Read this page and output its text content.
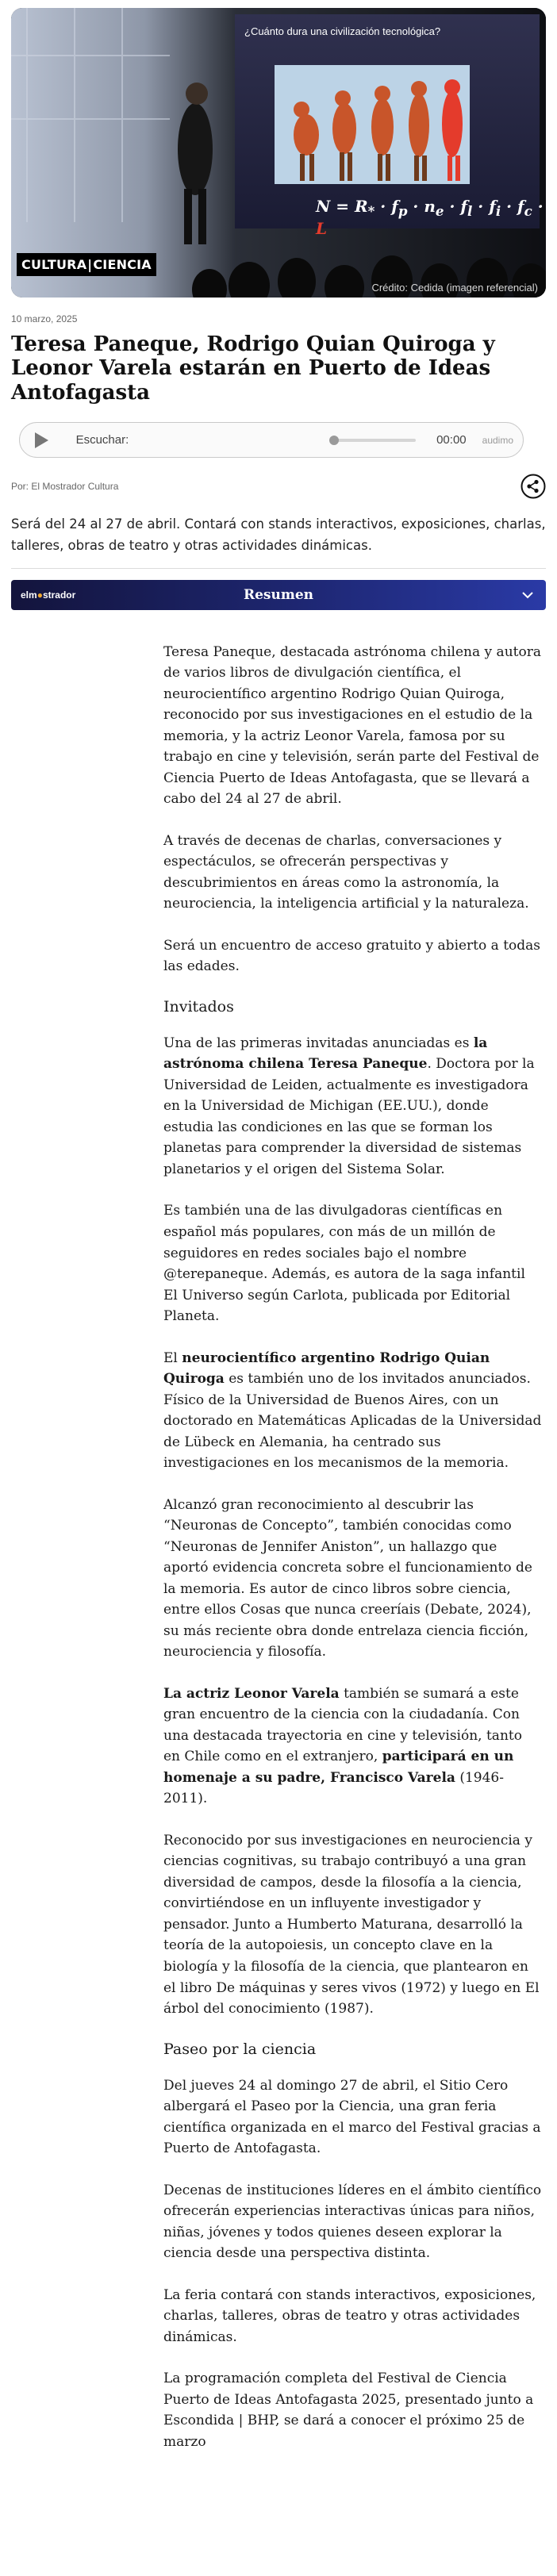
¿Cuánto dura una civilización tecnológica?
$N = R_* \cdot f_p \cdot n_e \cdot f_l \cdot f_i \cdot f_c \cdot L$
CULTURA|CIENCIA
Crédito: Cedida (imagen referencial)
10 marzo, 2025
Teresa Paneque, Rodrigo Quian Quiroga y Leonor Varela estarán en Puerto de Ideas Antofagasta
Escuchar:	00:00 audimo
Por: El Mostrador Cultura

Será del 24 al 27 de abril. Contará con stands interactivos, exposiciones, charlas, talleres, obras de teatro y otras actividades dinámicas.

elm●strador	Resumen

Teresa Paneque, destacada astrónoma chilena y autora de varios libros de divulgación científica, el neurocientífico argentino Rodrigo Quian Quiroga, reconocido por sus investigaciones en el estudio de la memoria, y la actriz Leonor Varela, famosa por su trabajo en cine y televisión, serán parte del Festival de Ciencia Puerto de Ideas Antofagasta, que se llevará a cabo del 24 al 27 de abril.

A través de decenas de charlas, conversaciones y espectáculos, se ofrecerán perspectivas y descubrimientos en áreas como la astronomía, la neurociencia, la inteligencia artificial y la naturaleza.

Será un encuentro de acceso gratuito y abierto a todas las edades.

Invitados

Una de las primeras invitadas anunciadas es la astrónoma chilena Teresa Paneque. Doctora por la Universidad de Leiden, actualmente es investigadora en la Universidad de Michigan (EE.UU.), donde estudia las condiciones en las que se forman los planetas para comprender la diversidad de sistemas planetarios y el origen del Sistema Solar.

Es también una de las divulgadoras científicas en español más populares, con más de un millón de seguidores en redes sociales bajo el nombre @terepaneque. Además, es autora de la saga infantil El Universo según Carlota, publicada por Editorial Planeta.

El neurocientífico argentino Rodrigo Quian Quiroga es también uno de los invitados anunciados. Físico de la Universidad de Buenos Aires, con un doctorado en Matemáticas Aplicadas de la Universidad de Lübeck en Alemania, ha centrado sus investigaciones en los mecanismos de la memoria.

Alcanzó gran reconocimiento al descubrir las “Neuronas de Concepto”, también conocidas como “Neuronas de Jennifer Aniston”, un hallazgo que aportó evidencia concreta sobre el funcionamiento de la memoria. Es autor de cinco libros sobre ciencia, entre ellos Cosas que nunca creeríais (Debate, 2024), su más reciente obra donde entrelaza ciencia ficción, neurociencia y filosofía.

La actriz Leonor Varela también se sumará a este gran encuentro de la ciencia con la ciudadanía. Con una destacada trayectoria en cine y televisión, tanto en Chile como en el extranjero, participará en un homenaje a su padre, Francisco Varela (1946-2011).

Reconocido por sus investigaciones en neurociencia y ciencias cognitivas, su trabajo contribuyó a una gran diversidad de campos, desde la filosofía a la ciencia, convirtiéndose en un influyente investigador y pensador. Junto a Humberto Maturana, desarrolló la teoría de la autopoiesis, un concepto clave en la biología y la filosofía de la ciencia, que plantearon en el libro De máquinas y seres vivos (1972) y luego en El árbol del conocimiento (1987).

Paseo por la ciencia

Del jueves 24 al domingo 27 de abril, el Sitio Cero albergará el Paseo por la Ciencia, una gran feria científica organizada en el marco del Festival gracias a Puerto de Antofagasta.

Decenas de instituciones líderes en el ámbito científico ofrecerán experiencias interactivas únicas para niños, niñas, jóvenes y todos quienes deseen explorar la ciencia desde una perspectiva distinta.

La feria contará con stands interactivos, exposiciones, charlas, talleres, obras de teatro y otras actividades dinámicas.

La programación completa del Festival de Ciencia Puerto de Ideas Antofagasta 2025, presentado junto a Escondida | BHP, se dará a conocer el próximo 25 de marzo
